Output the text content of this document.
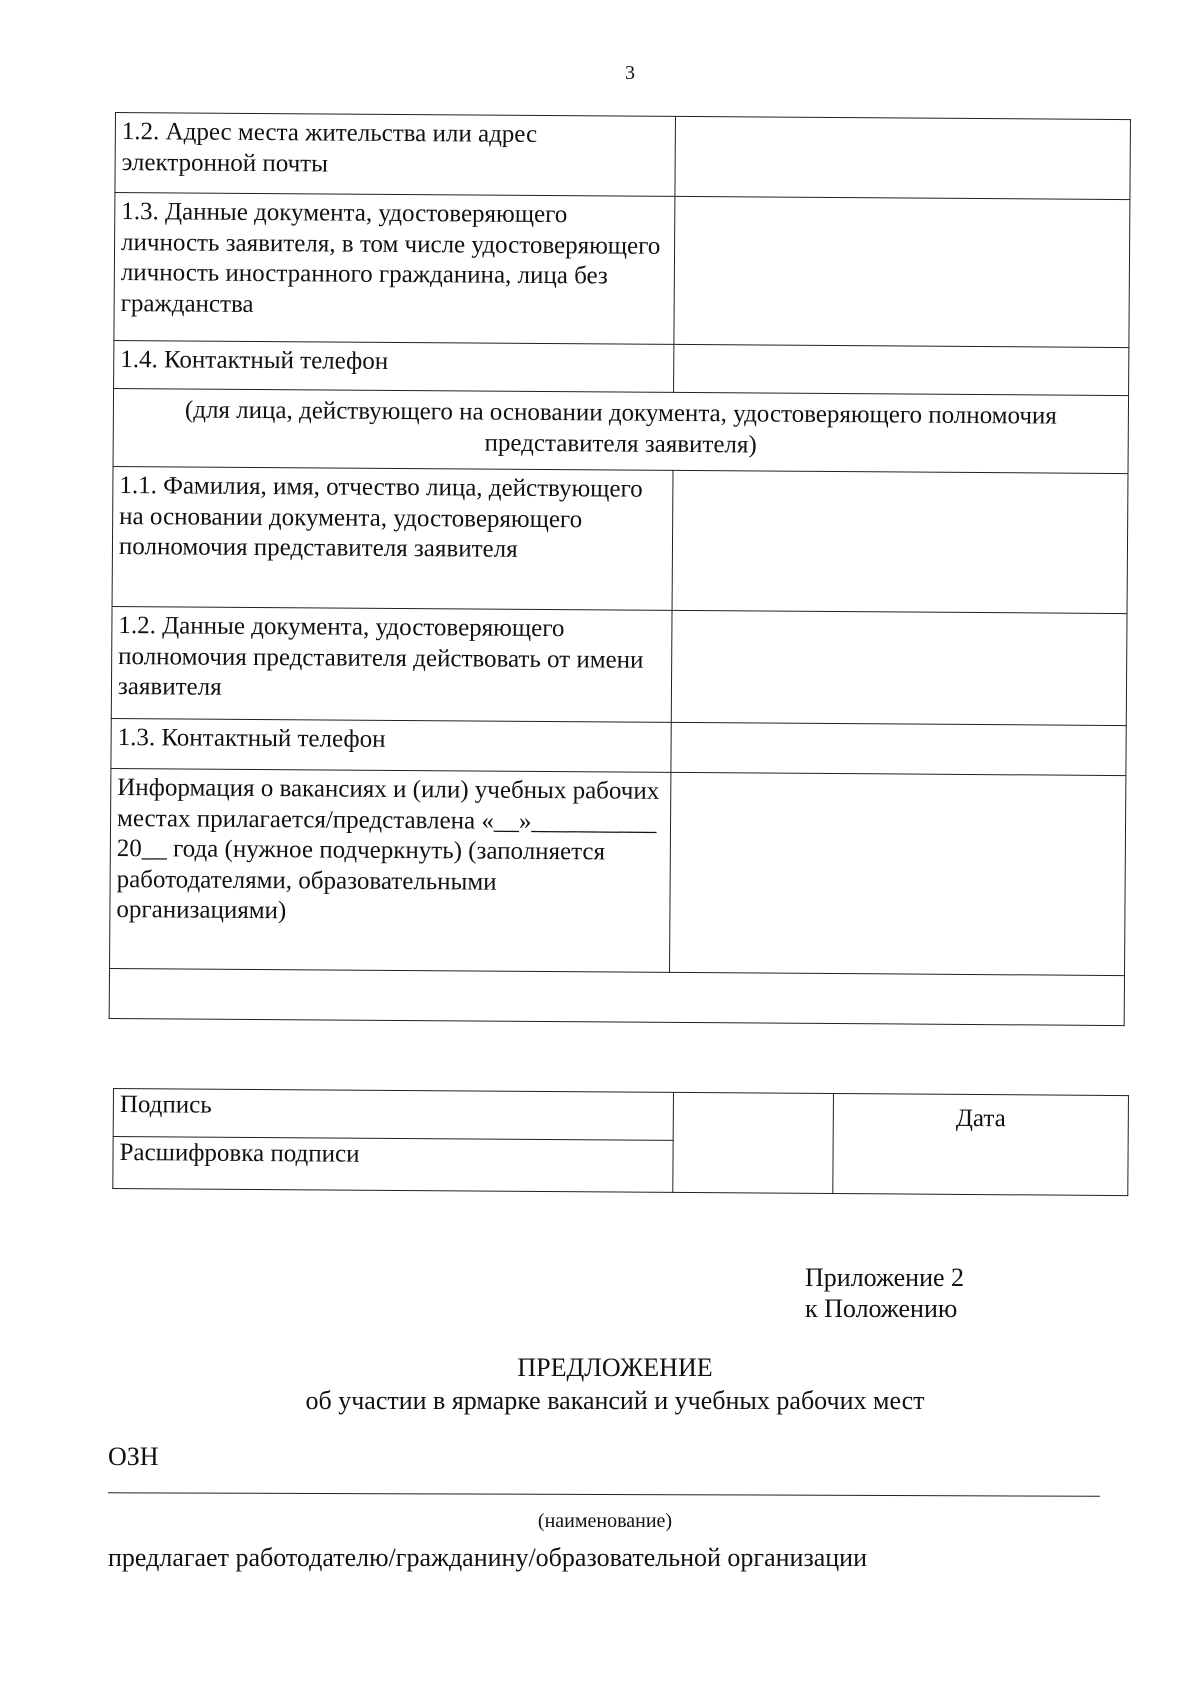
3
1.2. Адрес места жительства или адрес электронной почты	
1.3. Данные документа, удостоверяющего личность заявителя, в том числе удостоверяющего личность иностранного гражданина, лица без гражданства	
1.4. Контактный телефон	
(для лица, действующего на основании документа, удостоверяющего полномочия представителя заявителя)	
1.1. Фамилия, имя, отчество лица, действующего на основании документа, удостоверяющего полномочия представителя заявителя	
1.2. Данные документа, удостоверяющего полномочия представителя действовать от имени заявителя	
1.3. Контактный телефон	
Информация о вакансиях и (или) учебных рабочих местах прилагается/представлена «__»__________ 20__ года (нужное подчеркнуть) (заполняется работодателями, образовательными организациями)	

Подпись		Дата
Расшифровка подписи
Приложение 2
к Положению
ПРЕДЛОЖЕНИЕ
об участии в ярмарке вакансий и учебных рабочих мест
ОЗН
(наименование)
предлагает работодателю/гражданину/образовательной организации
